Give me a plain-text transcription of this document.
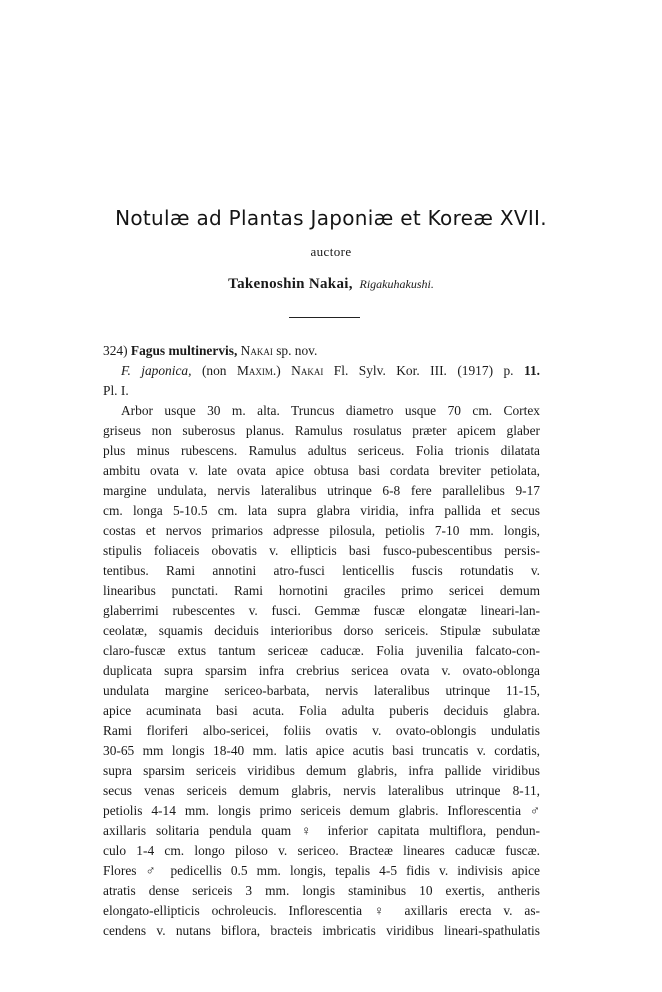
Notulæ ad Plantas Japoniæ et Koreæ XVII.
auctore
Takenoshin Nakai, Rigakuhakushi.
324) Fagus multinervis, Nakai sp. nov.
F. japonica, (non Maxim.) Nakai Fl. Sylv. Kor. III. (1917) p. 11.
Pl. I.
Arbor usque 30 m. alta. Truncus diametro usque 70 cm. Cortex
griseus non suberosus planus. Ramulus rosulatus præter apicem glaber
plus minus rubescens. Ramulus adultus sericeus. Folia trionis dilatata
ambitu ovata v. late ovata apice obtusa basi cordata breviter petiolata,
margine undulata, nervis lateralibus utrinque 6-8 fere parallelibus 9-17
cm. longa 5-10.5 cm. lata supra glabra viridia, infra pallida et secus
costas et nervos primarios adpresse pilosula, petiolis 7-10 mm. longis,
stipulis foliaceis obovatis v. ellipticis basi fusco-pubescentibus persis-
tentibus. Rami annotini atro-fusci lenticellis fuscis rotundatis v.
linearibus punctati. Rami hornotini graciles primo sericei demum
glaberrimi rubescentes v. fusci. Gemmæ fuscæ elongatæ lineari-lan-
ceolatæ, squamis deciduis interioribus dorso sericeis. Stipulæ subulatæ
claro-fuscæ extus tantum sericeæ caducæ. Folia juvenilia falcato-con-
duplicata supra sparsim infra crebrius sericea ovata v. ovato-oblonga
undulata margine sericeo-barbata, nervis lateralibus utrinque 11-15,
apice acuminata basi acuta. Folia adulta puberis deciduis glabra.
Rami floriferi albo-sericei, foliis ovatis v. ovato-oblongis undulatis
30-65 mm longis 18-40 mm. latis apice acutis basi truncatis v. cordatis,
supra sparsim sericeis viridibus demum glabris, infra pallide viridibus
secus venas sericeis demum glabris, nervis lateralibus utrinque 8-11,
petiolis 4-14 mm. longis primo sericeis demum glabris. Inflorescentia ♂
axillaris solitaria pendula quam ♀ inferior capitata multiflora, pendun-
culo 1-4 cm. longo piloso v. sericeo. Bracteæ lineares caducæ fuscæ.
Flores ♂ pedicellis 0.5 mm. longis, tepalis 4-5 fidis v. indivisis apice
atratis dense sericeis 3 mm. longis staminibus 10 exertis, antheris
elongato-ellipticis ochroleucis. Inflorescentia ♀ axillaris erecta v. as-
cendens v. nutans biflora, bracteis imbricatis viridibus lineari-spathulatis
